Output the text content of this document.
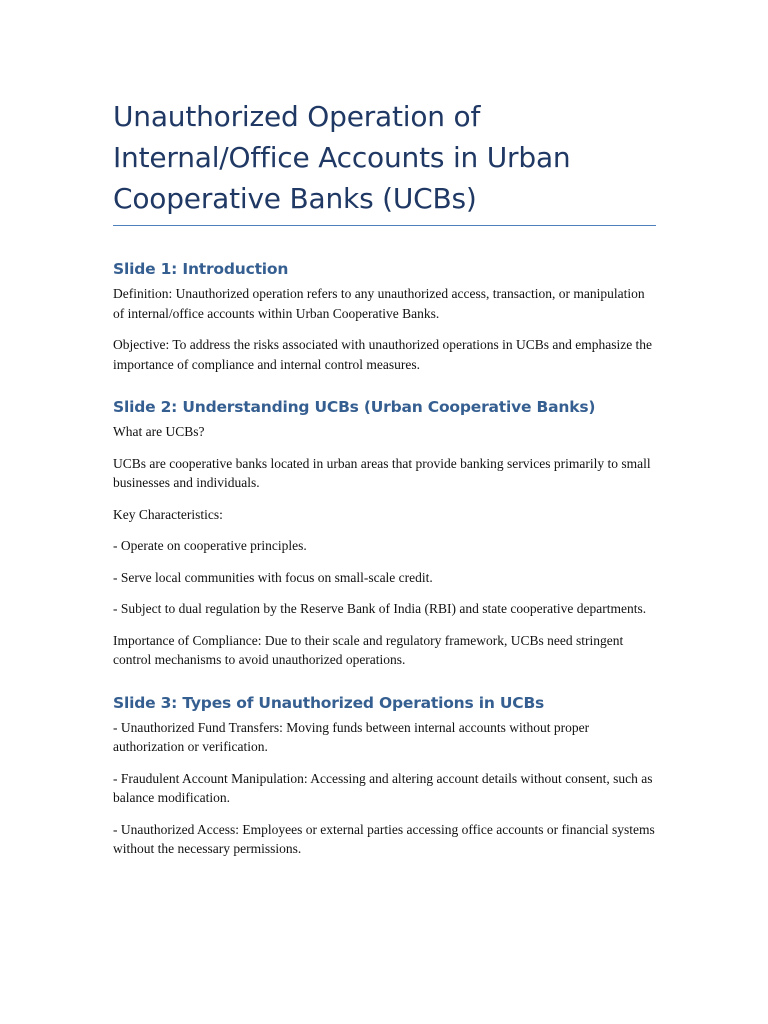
Unauthorized Operation of Internal/Office Accounts in Urban Cooperative Banks (UCBs)
Slide 1: Introduction

Definition: Unauthorized operation refers to any unauthorized access, transaction, or manipulation of internal/office accounts within Urban Cooperative Banks.

Objective: To address the risks associated with unauthorized operations in UCBs and emphasize the importance of compliance and internal control measures.

Slide 2: Understanding UCBs (Urban Cooperative Banks)

What are UCBs?

UCBs are cooperative banks located in urban areas that provide banking services primarily to small businesses and individuals.

Key Characteristics:

- Operate on cooperative principles.

- Serve local communities with focus on small-scale credit.

- Subject to dual regulation by the Reserve Bank of India (RBI) and state cooperative departments.

Importance of Compliance: Due to their scale and regulatory framework, UCBs need stringent control mechanisms to avoid unauthorized operations.

Slide 3: Types of Unauthorized Operations in UCBs

- Unauthorized Fund Transfers: Moving funds between internal accounts without proper authorization or verification.

- Fraudulent Account Manipulation: Accessing and altering account details without consent, such as balance modification.

- Unauthorized Access: Employees or external parties accessing office accounts or financial systems without the necessary permissions.
